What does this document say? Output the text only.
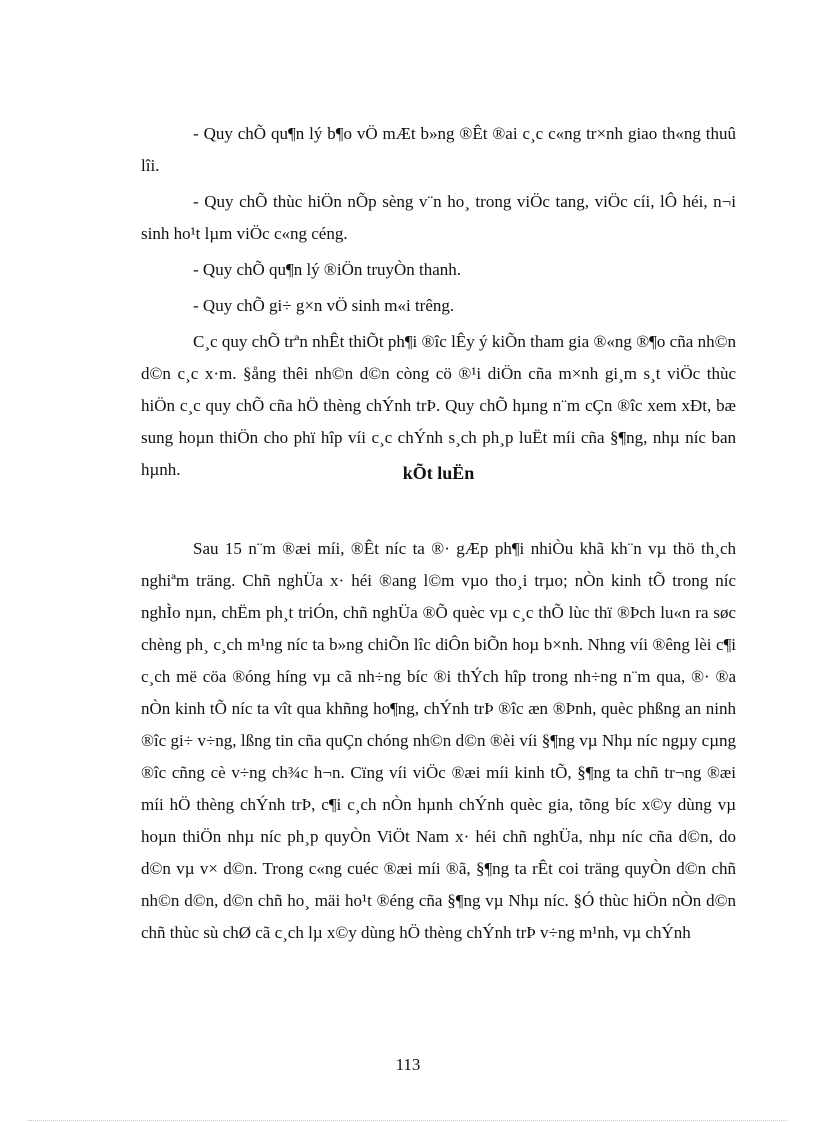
- Quy chÕ qu¶n lý b¶o vÖ mÆt b»ng ®Êt ®ai c¸c c«ng tr×nh giao th«ng thuû lîi.

- Quy chÕ thùc hiÖn nÕp sèng v¨n ho¸ trong viÖc tang, viÖc cíi, lÔ héi, n¬i sinh ho¹t lµm viÖc c«ng céng.

- Quy chÕ qu¶n lý ®iÖn truyÒn thanh.

- Quy chÕ gi÷ g×n vÖ sinh m«i trêng.

C¸c quy chÕ trªn nhÊt thiÕt ph¶i ®îc lÊy ý kiÕn tham gia ®«ng ®¶o cña nh©n d©n c¸c x·m. §ång thêi nh©n d©n còng cö ®¹i diÖn cña m×nh gi¸m s¸t viÖc thùc hiÖn c¸c quy chÕ cña hÖ thèng chÝnh trÞ. Quy chÕ hµng n¨m cÇn ®îc xem xÐt, bæ sung hoµn thiÖn cho phï hîp víi c¸c chÝnh s¸ch ph¸p luËt míi cña §¶ng, nhµ níc ban hµnh.	kÕt luËn

Sau 15 n¨m ®æi míi, ®Êt níc ta ®· gÆp ph¶i nhiÒu khã kh¨n vµ thö th¸ch nghiªm träng. Chñ nghÜa x· héi ®ang l©m vµo tho¸i trµo; nÒn kinh tÕ trong níc nghÌo nµn, chËm ph¸t triÓn, chñ nghÜa ®Õ quèc vµ c¸c thÕ lùc thï ®Þch lu«n ra søc chèng ph¸ c¸ch m¹ng níc ta b»ng chiÕn lîc diÔn biÕn hoµ b×nh. Nhng víi ®êng lèi c¶i c¸ch më cöa ®óng híng vµ cã nh÷ng bíc ®i thÝch hîp trong nh÷ng n¨m qua, ®· ®a nÒn kinh tÕ níc ta vît qua khñng ho¶ng, chÝnh trÞ ®îc æn ®Þnh, quèc phßng an ninh ®îc gi÷ v÷ng, lßng tin cña quÇn chóng nh©n d©n ®èi víi §¶ng vµ Nhµ níc ngµy cµng ®îc cñng cè v÷ng ch¾c h¬n. Cïng víi viÖc ®æi míi kinh tÕ, §¶ng ta chñ tr¬ng ®æi míi hÖ thèng chÝnh trÞ, c¶i c¸ch nÒn hµnh chÝnh quèc gia, tõng bíc x©y dùng vµ hoµn thiÖn nhµ níc ph¸p quyÒn ViÖt Nam x· héi chñ nghÜa, nhµ níc cña d©n, do d©n vµ v× d©n. Trong c«ng cuéc ®æi míi ®ã, §¶ng ta rÊt coi träng quyÒn d©n chñ nh©n d©n, d©n chñ ho¸ mäi ho¹t ®éng cña §¶ng vµ Nhµ níc. §Ó thùc hiÖn nÒn d©n chñ thùc sù chØ cã c¸ch lµ x©y dùng hÖ thèng chÝnh trÞ v÷ng m¹nh, vµ chÝnh

113
